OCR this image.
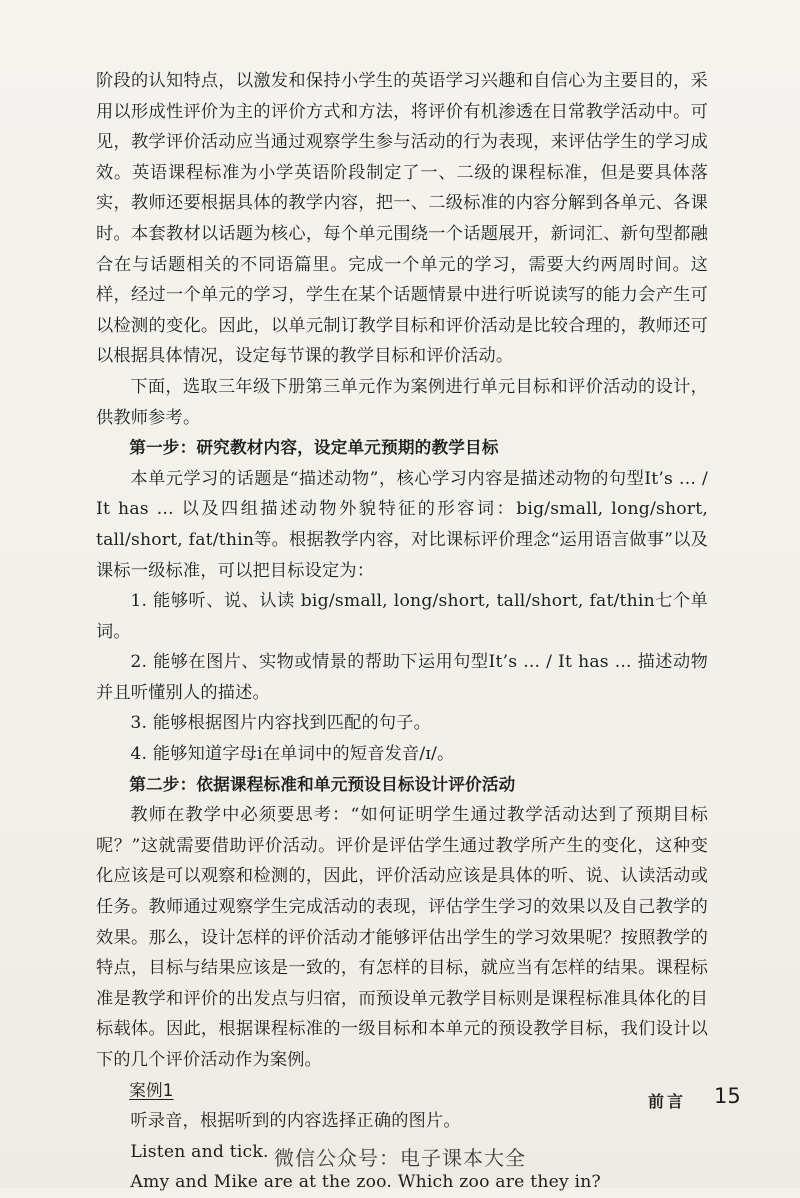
阶段的认知特点，以激发和保持小学生的英语学习兴趣和自信心为主要目的，采用以形成性评价为主的评价方式和方法，将评价有机渗透在日常教学活动中。可见，教学评价活动应当通过观察学生参与活动的行为表现，来评估学生的学习成效。英语课程标准为小学英语阶段制定了一、二级的课程标准，但是要具体落实，教师还要根据具体的教学内容，把一、二级标准的内容分解到各单元、各课时。本套教材以话题为核心，每个单元围绕一个话题展开，新词汇、新句型都融合在与话题相关的不同语篇里。完成一个单元的学习，需要大约两周时间。这样，经过一个单元的学习，学生在某个话题情景中进行听说读写的能力会产生可以检测的变化。因此，以单元制订教学目标和评价活动是比较合理的，教师还可以根据具体情况，设定每节课的教学目标和评价活动。

下面，选取三年级下册第三单元作为案例进行单元目标和评价活动的设计，供教师参考。

第一步：研究教材内容，设定单元预期的教学目标

本单元学习的话题是“描述动物”，核心学习内容是描述动物的句型It’s ... / It has ... 以及四组描述动物外貌特征的形容词：big/small, long/short, tall/short, fat/thin等。根据教学内容，对比课标评价理念“运用语言做事”以及课标一级标准，可以把目标设定为：

1. 能够听、说、认读 big/small, long/short, tall/short, fat/thin七个单词。

2. 能够在图片、实物或情景的帮助下运用句型It’s ... / It has ... 描述动物并且听懂别人的描述。

3. 能够根据图片内容找到匹配的句子。

4. 能够知道字母i在单词中的短音发音/ɪ/。

第二步：依据课程标准和单元预设目标设计评价活动

教师在教学中必须要思考：“如何证明学生通过教学活动达到了预期目标呢？”这就需要借助评价活动。评价是评估学生通过教学所产生的变化，这种变化应该是可以观察和检测的，因此，评价活动应该是具体的听、说、认读活动或任务。教师通过观察学生完成活动的表现，评估学生学习的效果以及自己教学的效果。那么，设计怎样的评价活动才能够评估出学生的学习效果呢？按照教学的特点，目标与结果应该是一致的，有怎样的目标，就应当有怎样的结果。课程标准是教学和评价的出发点与归宿，而预设单元教学目标则是课程标准具体化的目标载体。因此，根据课程标准的一级目标和本单元的预设教学目标，我们设计以下的几个评价活动作为案例。

案例1

听录音，根据听到的内容选择正确的图片。

Listen and tick.

Amy and Mike are at the zoo. Which zoo are they in?

前言 15
微信公众号：电子课本大全
